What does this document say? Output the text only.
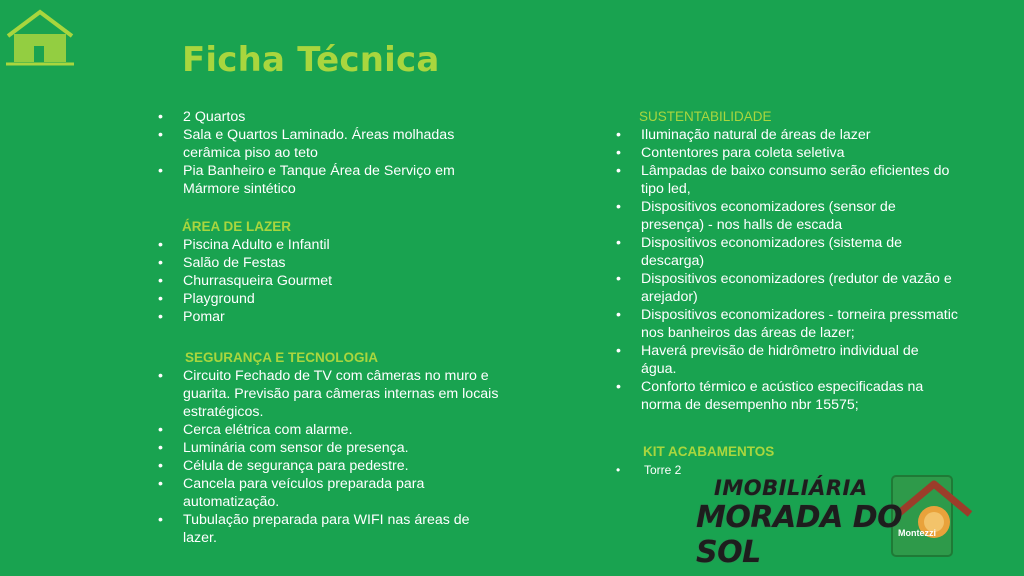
Ficha Técnica
• 2 Quartos
• Sala e Quartos Laminado. Áreas molhadas cerâmica piso ao teto
• Pia Banheiro e Tanque Área de Serviço em Mármore sintético
ÁREA DE LAZER
• Piscina Adulto e Infantil
• Salão de Festas
• Churrasqueira Gourmet
• Playground
• Pomar
SEGURANÇA E TECNOLOGIA
• Circuito Fechado de TV com câmeras no muro e guarita. Previsão para câmeras internas em locais estratégicos.
• Cerca elétrica com alarme.
• Luminária com sensor de presença.
• Célula de segurança para pedestre.
• Cancela para veículos preparada para automatização.
• Tubulação preparada para WIFI nas áreas de lazer.
SUSTENTABILIDADE
• Iluminação natural de áreas de lazer
• Contentores para coleta seletiva
• Lâmpadas de baixo consumo serão eficientes do tipo led,
• Dispositivos economizadores (sensor de presença) - nos halls de escada
• Dispositivos economizadores (sistema de descarga)
• Dispositivos economizadores (redutor de vazão e arejador)
• Dispositivos economizadores - torneira pressmatic nos banheiros das áreas de lazer;
• Haverá previsão de hidrômetro individual de água.
• Conforto térmico e acústico especificadas na norma de desempenho nbr 15575;
KIT ACABAMENTOS
• Torre 2
IMOBILIÁRIA
MORADA DO SOL
Montezzi
